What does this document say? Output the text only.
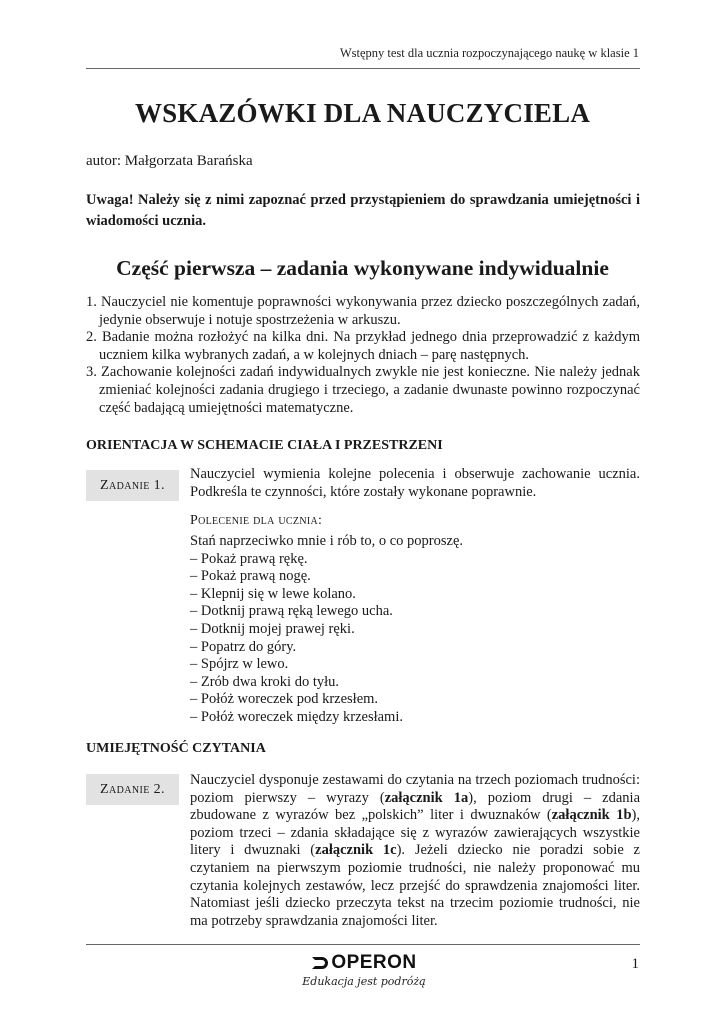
Wstępny test dla ucznia rozpoczynającego naukę w klasie 1
WSKAZÓWKI DLA NAUCZYCIELA
autor: Małgorzata Barańska
Uwaga! Należy się z nimi zapoznać przed przystąpieniem do sprawdzania umiejętności i wiadomości ucznia.
Część pierwsza – zadania wykonywane indywidualnie
1. Nauczyciel nie komentuje poprawności wykonywania przez dziecko poszczególnych zadań, jedynie obserwuje i notuje spostrzeżenia w arkuszu.
2. Badanie można rozłożyć na kilka dni. Na przykład jednego dnia przeprowadzić z każdym uczniem kilka wybranych zadań, a w kolejnych dniach – parę następnych.
3. Zachowanie kolejności zadań indywidualnych zwykle nie jest konieczne. Nie należy jednak zmieniać kolejności zadania drugiego i trzeciego, a zadanie dwunaste powinno rozpoczynać część badającą umiejętności matematyczne.
ORIENTACJA W SCHEMACIE CIAŁA I PRZESTRZENI
Zadanie 1.
Nauczyciel wymienia kolejne polecenia i obserwuje zachowanie ucznia. Podkreśla te czynności, które zostały wykonane poprawnie.
Polecenie dla ucznia:
Stań naprzeciwko mnie i rób to, o co poproszę.
– Pokaż prawą rękę.
– Pokaż prawą nogę.
– Klepnij się w lewe kolano.
– Dotknij prawą ręką lewego ucha.
– Dotknij mojej prawej ręki.
– Popatrz do góry.
– Spójrz w lewo.
– Zrób dwa kroki do tyłu.
– Połóż woreczek pod krzesłem.
– Połóż woreczek między krzesłami.
UMIEJĘTNOŚĆ CZYTANIA
Zadanie 2.
Nauczyciel dysponuje zestawami do czytania na trzech poziomach trudności: poziom pierwszy – wyrazy (załącznik 1a), poziom drugi – zdania zbudowane z wyrazów bez „polskich” liter i dwuznaków (załącznik 1b), poziom trzeci – zdania składające się z wyrazów zawierających wszystkie litery i dwuznaki (załącznik 1c). Jeżeli dziecko nie poradzi sobie z czytaniem na pierwszym poziomie trudności, nie należy proponować mu czytania kolejnych zestawów, lecz przejść do sprawdzenia znajomości liter. Natomiast jeśli dziecko przeczyta tekst na trzecim poziomie trudności, nie ma potrzeby sprawdzania znajomości liter.
OPERON
Edukacja jest podróżą
1
